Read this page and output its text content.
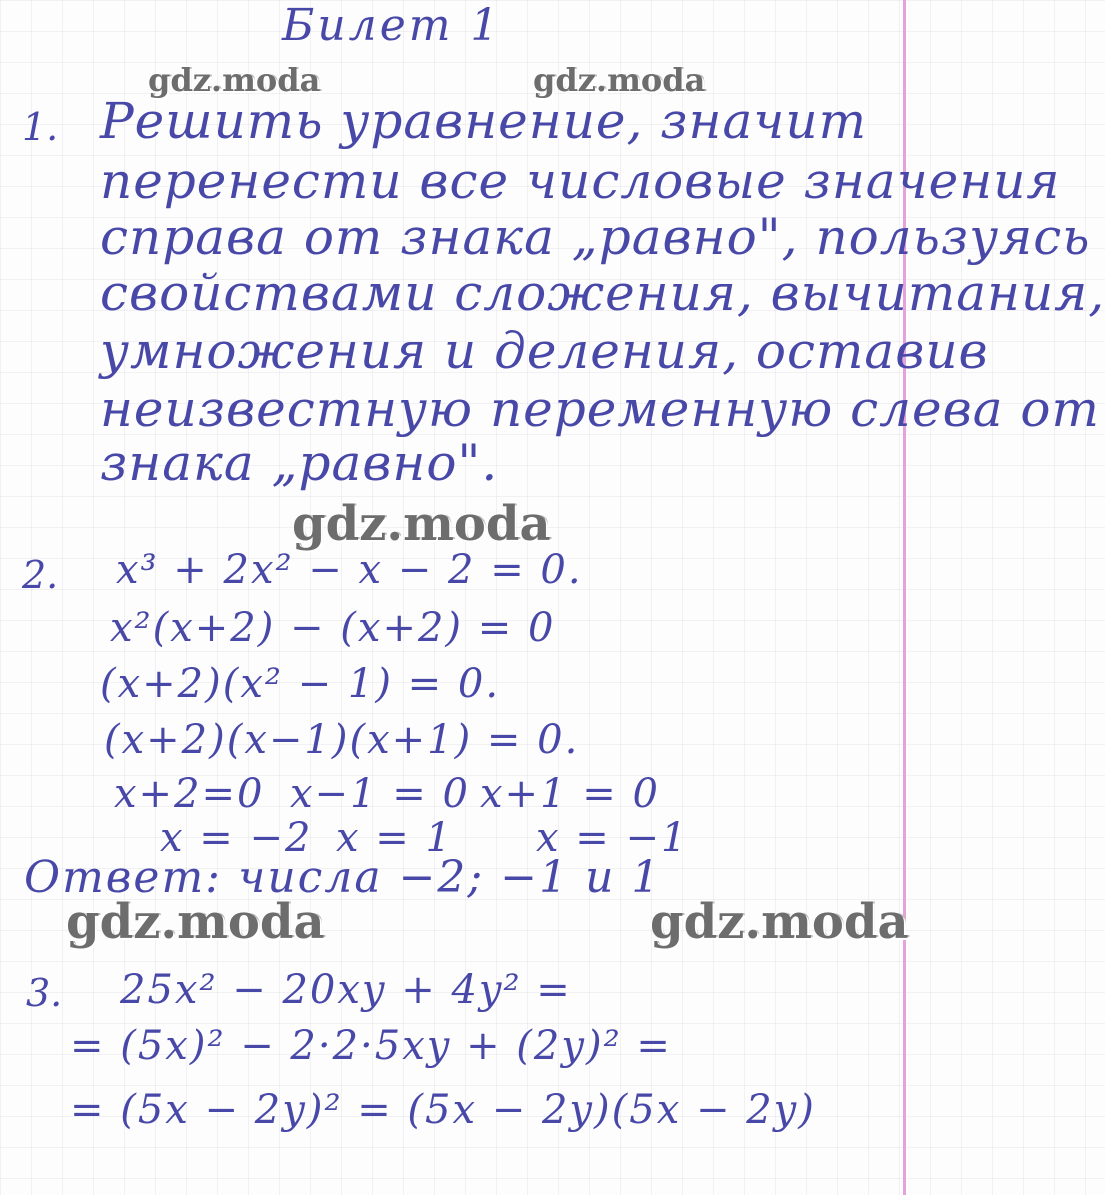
Билет 1
gdz.moda	gdz.moda
gdz.moda
gdz.moda	gdz.moda
1. Решить уравнение, значит
перенести все числовые значения
справа от знака „равно", пользуясь
свойствами сложения, вычитания,
умножения и деления, оставив
неизвестную переменную слева от
знака „равно".
2. x³ + 2x² − x − 2 = 0.
x²(x+2) − (x+2) = 0
(x+2)(x² − 1) = 0.
(x+2)(x−1)(x+1) = 0.
x+2=0 x−1 = 0 x+1 = 0
x = −2 x = 1 x = −1
Ответ: числа −2; −1 и 1
3. 25x² − 20xy + 4y² =
= (5x)² − 2·2·5xy + (2y)² =
= (5x − 2y)² = (5x − 2y)(5x − 2y)
